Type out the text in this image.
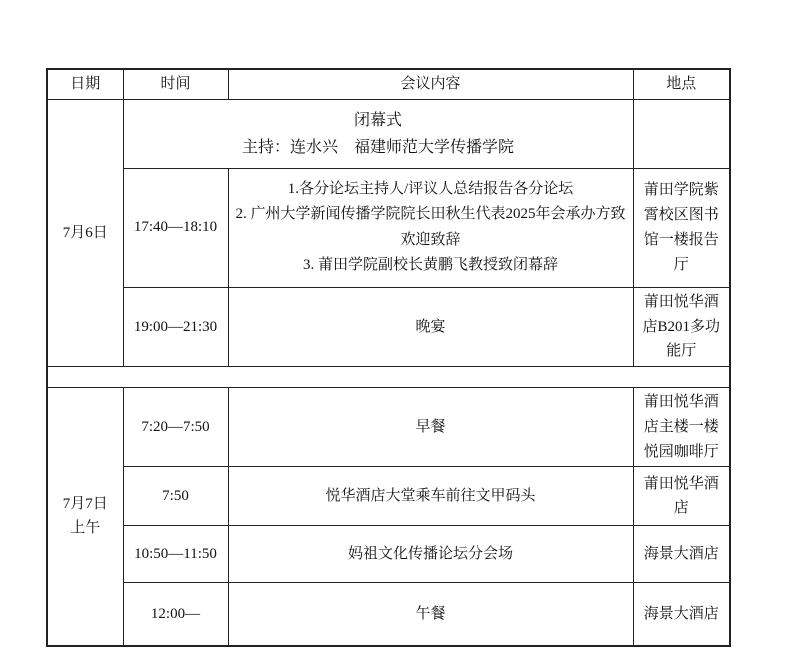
日期	时间	会议内容	地点
7月6日	闭幕式
主持：连水兴　福建师范大学传播学院		

	17:40—18:10	1.各分论坛主持人/评议人总结报告各分论坛
2. 广州大学新闻传播学院院长田秋生代表2025年会承办方致欢迎致辞
3. 莆田学院副校长黄鹏飞教授致闭幕辞	莆田学院紫霄校区图书馆一楼报告厅
	19:00—21:30	晚宴	莆田悦华酒店B201多功能厅

7月7日
上午	7:20—7:50	早餐	莆田悦华酒店主楼一楼悦园咖啡厅
	7:50	悦华酒店大堂乘车前往文甲码头	莆田悦华酒店
	10:50—11:50	妈祖文化传播论坛分会场	海景大酒店
	12:00—	午餐	海景大酒店
